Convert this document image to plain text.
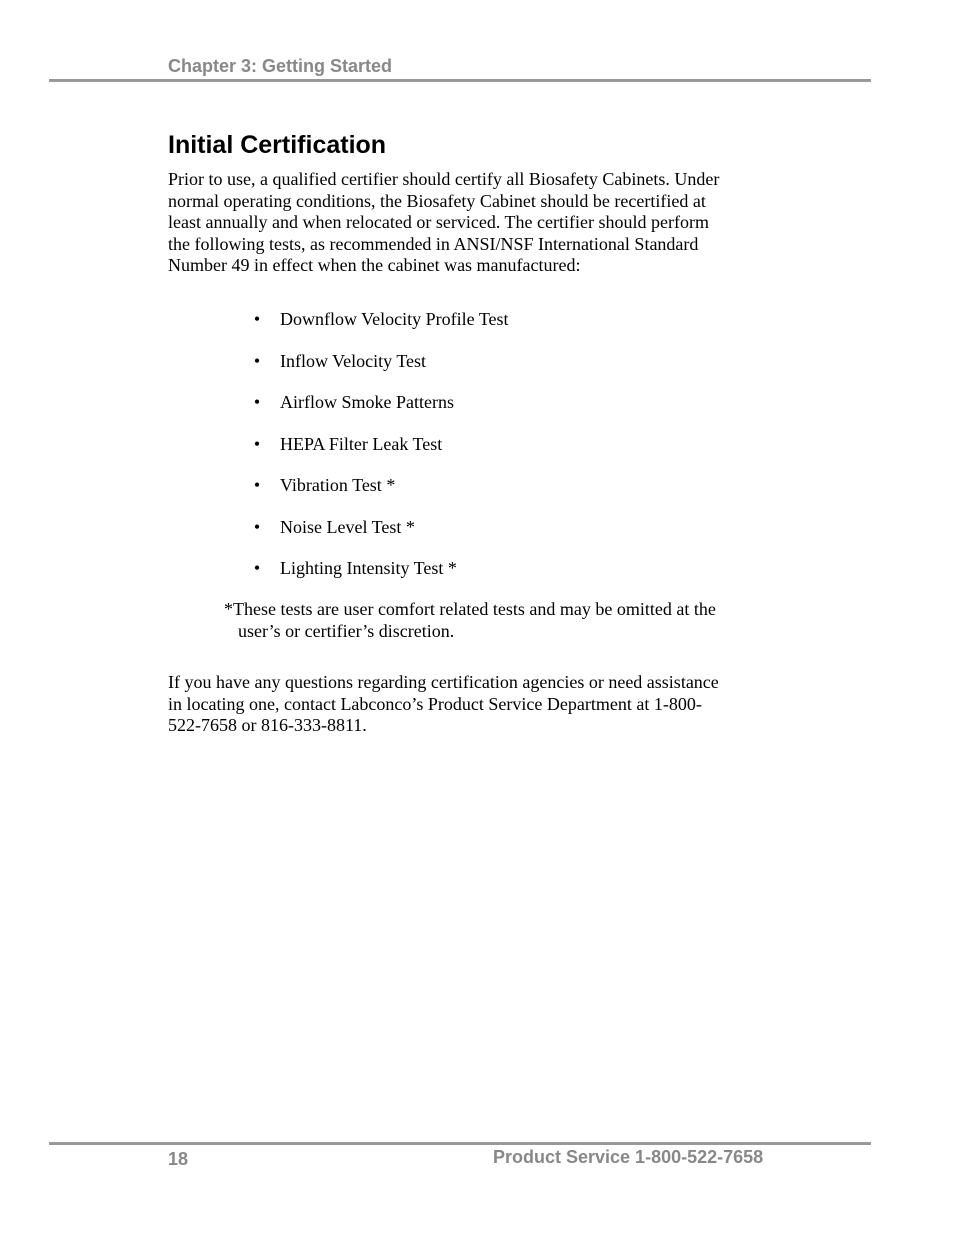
Chapter 3: Getting Started
Initial Certification

Prior to use, a qualified certifier should certify all Biosafety Cabinets. Under
normal operating conditions, the Biosafety Cabinet should be recertified at
least annually and when relocated or serviced. The certifier should perform
the following tests, as recommended in ANSI/NSF International Standard
Number 49 in effect when the cabinet was manufactured:

• Downflow Velocity Profile Test
• Inflow Velocity Test
• Airflow Smoke Patterns
• HEPA Filter Leak Test
• Vibration Test *
• Noise Level Test *
• Lighting Intensity Test *

*These tests are user comfort related tests and may be omitted at the
user’s or certifier’s discretion.

If you have any questions regarding certification agencies or need assistance
in locating one, contact Labconco’s Product Service Department at 1-800-
522-7658 or 816-333-8811.

18	Product Service 1-800-522-7658
